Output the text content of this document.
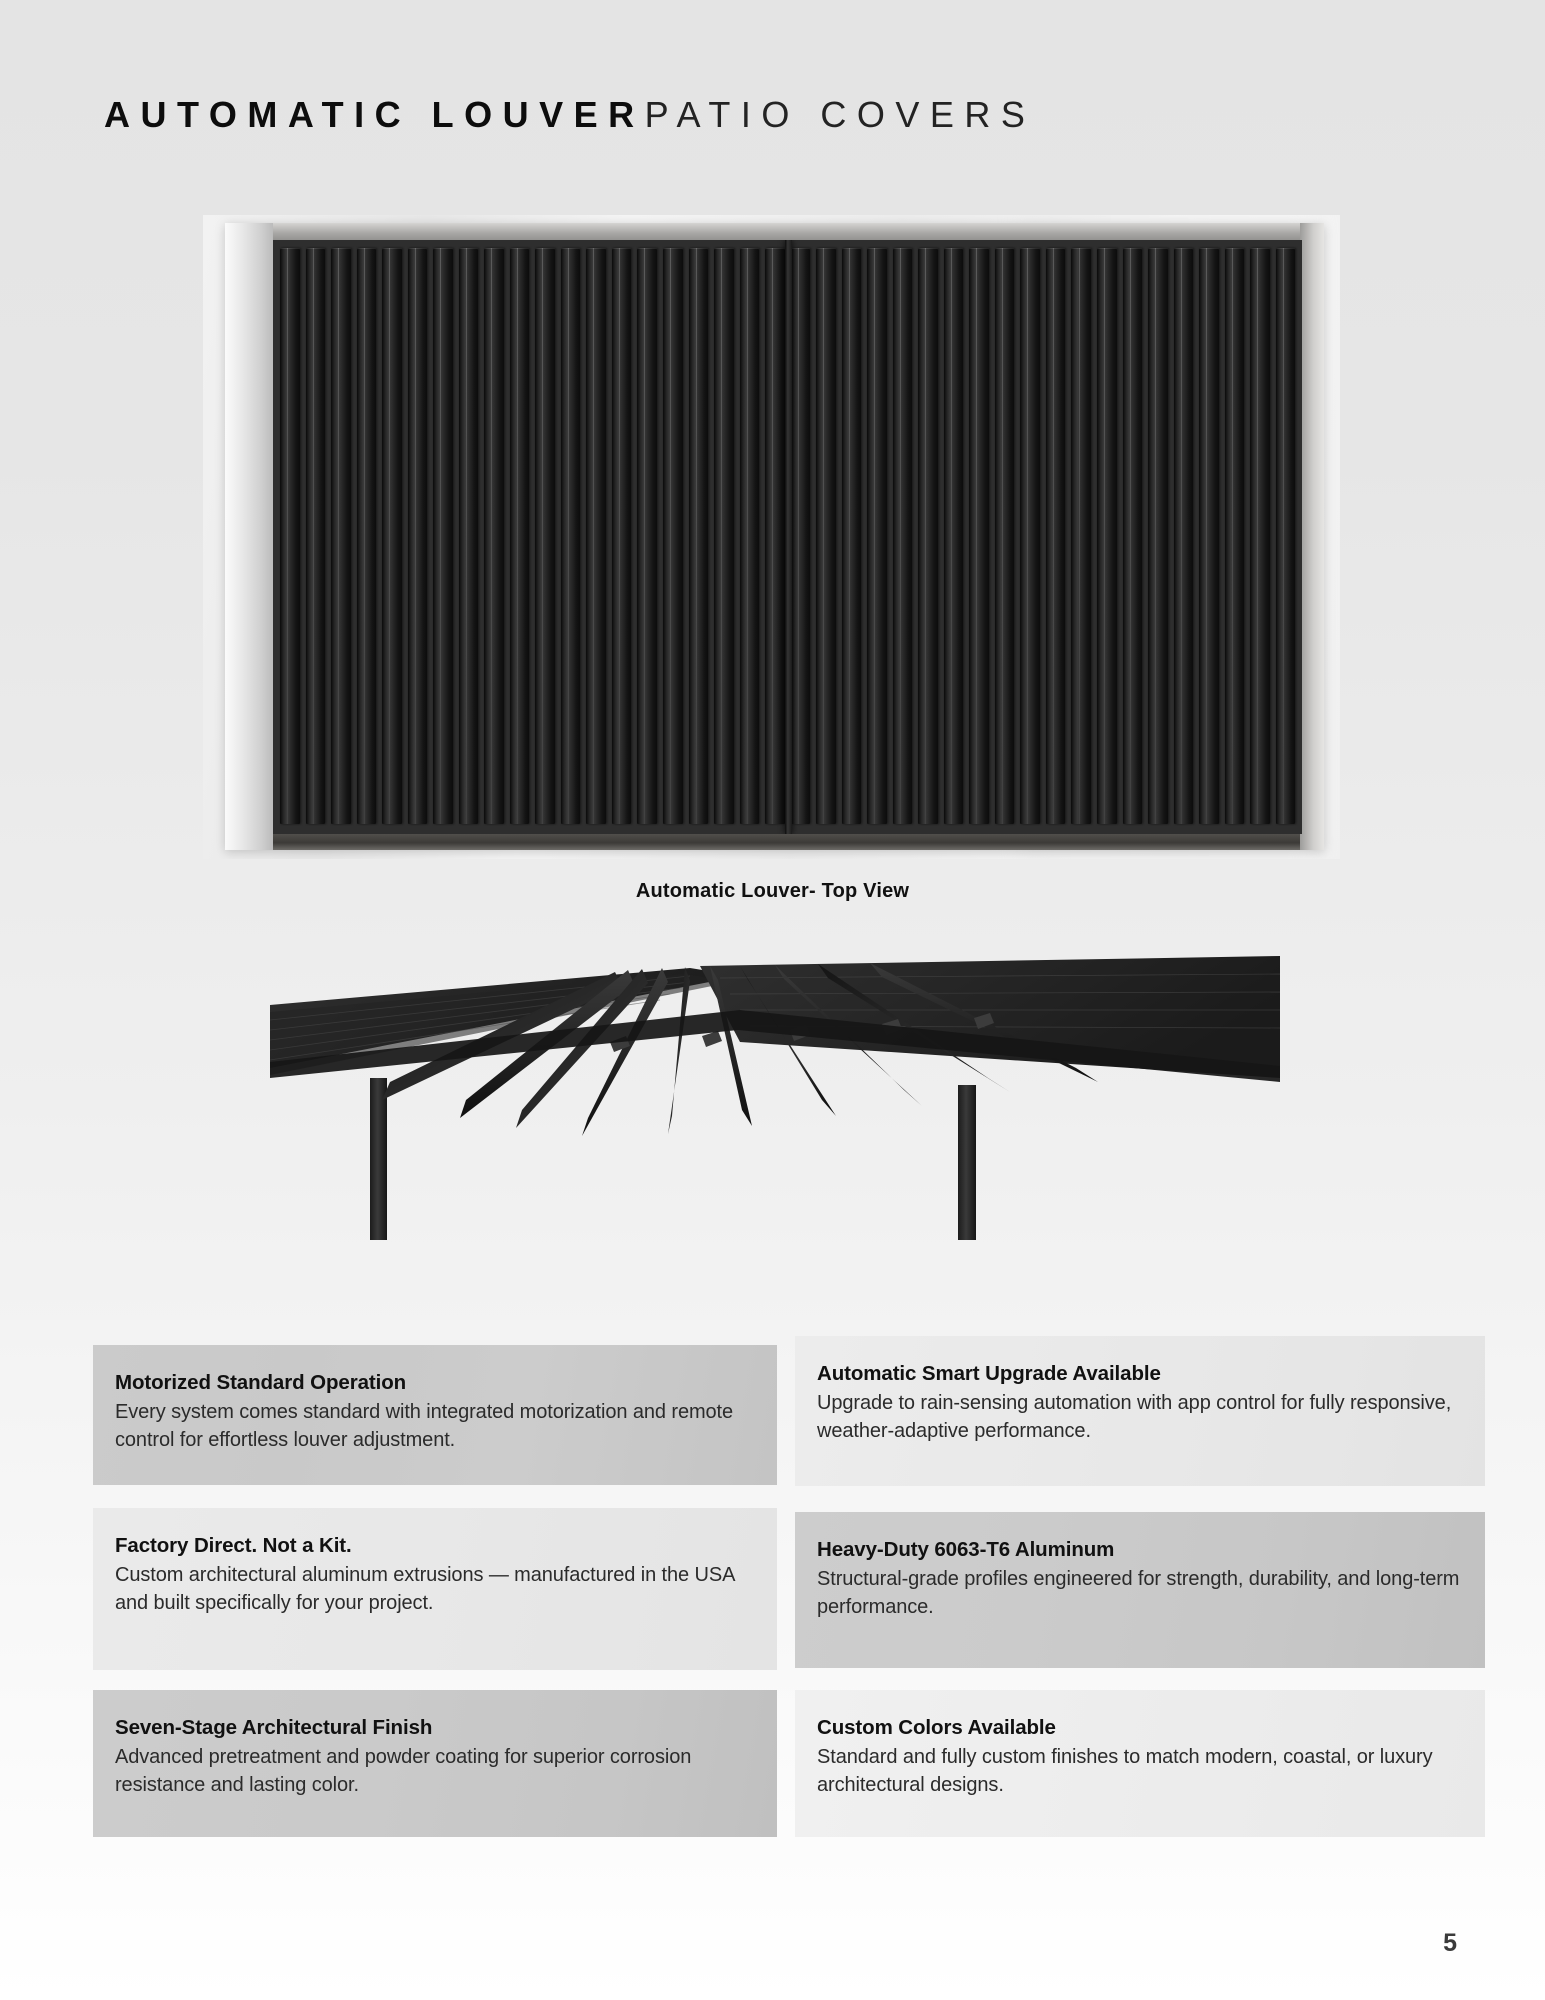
AUTOMATIC LOUVERPATIO COVERS
Automatic Louver- Top View
Motorized Standard Operation
Every system comes standard with integrated motorization and remote control for effortless louver adjustment.
Automatic Smart Upgrade Available
Upgrade to rain-sensing automation with app control for fully responsive, weather-adaptive performance.
Factory Direct. Not a Kit.
Custom architectural aluminum extrusions — manufactured in the USA and built specifically for your project.
Heavy-Duty 6063-T6 Aluminum
Structural-grade profiles engineered for strength, durability, and long-term performance.
Seven-Stage Architectural Finish
Advanced pretreatment and powder coating for superior corrosion resistance and lasting color.
Custom Colors Available
Standard and fully custom finishes to match modern, coastal, or luxury architectural designs.
5
